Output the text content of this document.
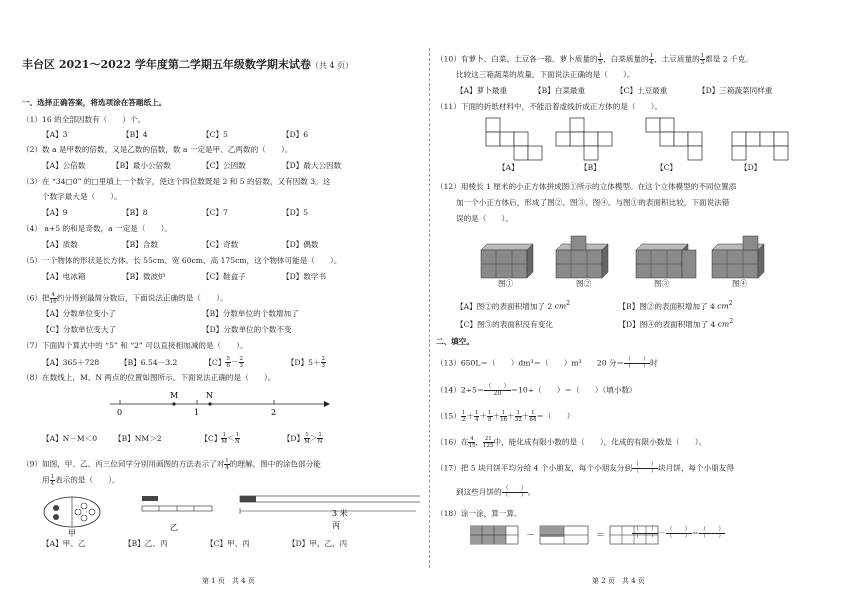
丰台区 2021～2022 学年度第二学期五年级数学期末试卷（共 4 页）
一、选择正确答案，将选项涂在答题纸上。
（1）16 的全部因数有（　　）个。
【A】3	【B】4	【C】5	【D】6
（2）数 a 是甲数的倍数，又是乙数的倍数，数 a 一定是甲、乙两数的（　　）。
【A】公倍数	【B】最小公倍数	【C】公因数	【D】最大公因数
（3）在 “34□0” 的□里填上一个数字，使这个四位数既是 2 和 5 的倍数，又有因数 3。这
个数字最大是（　　）。
【A】9	【B】8	【C】7	【D】5
（4） a+5 的和是奇数，a 一定是（　　）。
【A】质数	【B】合数	【C】奇数	【D】偶数
（5）一个物体的形状是长方体。长 55cm、宽 60cm、高 175cm，这个物体可能是（　　）。
【A】电冰箱	【B】微波炉	【C】鞋盒子	【D】数学书
（6）把 $\frac{4}{16}$ 约分得到最简分数后，下面说法正确的是（　　）。
【A】分数单位变小了	【B】分数单位的个数增加了
【C】分数单位变大了	【D】分数单位的个数不变
（7）下面四个算式中的 “5” 和 “2” 可以直接相加减的是（　　）。
【A】365＋728	【B】6.54－3.2	【C】 $\frac{5}{6} - \frac{2}{3}$	【D】$5+ \frac{2}{3}$
（8）在数线上，M、N 两点的位置如图所示。下面说法正确的是（　　）。
M	N
0	1	2
【A】N－M＜0 【B】NM＞2	【C】 $\frac{1}{M} < \frac{1}{N}$	【D】 $\frac{1}{M} > \frac{1}{N}$
（9）如图，甲、乙、丙三位同学分别用画图的方法表示了对 $\frac{1}{4}$ 的理解。图中的涂色部分能
用 $\frac{1}{4}$ 表示的是（　　）。
甲
乙
3 米
丙
【A】甲、乙	【B】乙、丙	【C】甲、丙	【D】甲、乙、丙
第 1 页　共 4 页
（10）有萝卜、白菜、土豆各一箱。萝卜质量的 $\frac{1}{5}$ ，白菜质量的 $\frac{1}{4}$ ，土豆质量的 $\frac{1}{3}$ 都是 2 千克。
比较这三箱蔬菜的质量，下面说法正确的是（　　）。
【A】萝卜最重	【B】白菜最重	【C】土豆最重	【D】三箱蔬菜同样重
（11）下面的折纸材料中，不能沿着虚线折成正方体的是（　　）。
【A】	【B】	【C】	【D】
（12）用棱长 1 厘米的小正方体拼成图①所示的立体模型。在这个立体模型的不同位置添
加一个小正方体后，形成了图②、图③、图④。与图①的表面积比较，下面说法错
误的是（　　）。
图①	图②	图③	图④
【A】图②的表面积增加了 2 $cm^2$	【B】图②的表面积增加了 4 $cm^2$
【C】图③的表面积没有变化	【D】图④的表面积增加了 4 $cm^2$
二、填空。
（13）650L＝（　　）dm³＝（　　）m³　　 20 分＝ $\frac{( )}{( )}$ 时
$(14)2\div 5= \frac{( )}{20} =10\div$（　　）＝（　　）（填小数）
$(15) \frac{1}{2} + \frac{1}{4} + \frac{1}{8} + \frac{1}{16} + \frac{1}{32} + \frac{1}{64}$ ＝（　　）
（16）在 $\frac{4}{15}$ ， $\frac{21}{125}$ 中，能化成有限小数的是（　　），化成的有限小数是（　　）。
（17）把 5 块月饼平均分给 4 个小朋友，每个小朋友分到 $\frac{( )}{( )}$ 块月饼，每个小朋友得
到这些月饼的 $\frac{( )}{( )}$ 。
（18）涂一涂，算一算。
－	＝	$\frac{( )}{( )} - \frac{( )}{( )} = \frac{( )}{( )}$
第 2 页　共 4 页
